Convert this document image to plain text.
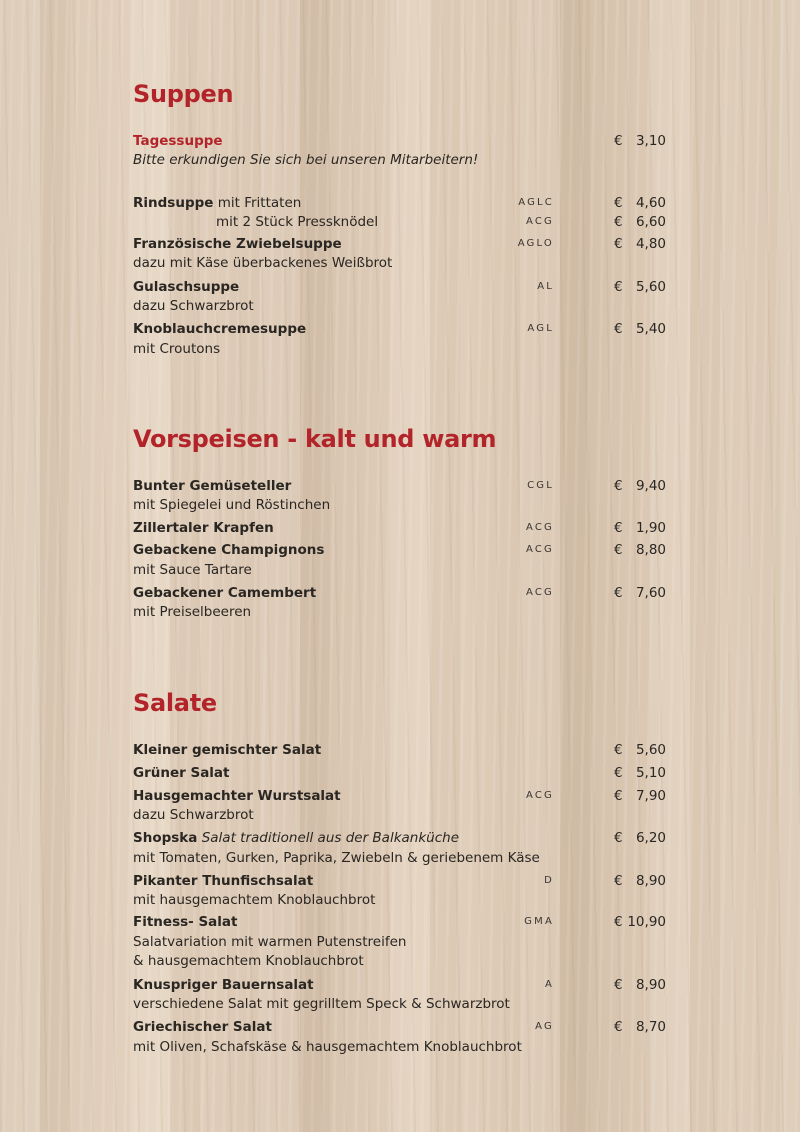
Suppen
Tagessuppe	€ 3,10
Bitte erkundigen Sie sich bei unseren Mitarbeitern!
Rindsuppe mit Frittaten	AGLC	€ 4,60
mit 2 Stück Pressknödel	ACG	€ 6,60
Französische Zwiebelsuppe	AGLO	€ 4,80
dazu mit Käse überbackenes Weißbrot
Gulaschsuppe	AL	€ 5,60
dazu Schwarzbrot
Knoblauchcremesuppe	AGL	€ 5,40
mit Croutons
Vorspeisen - kalt und warm
Bunter Gemüseteller	CGL	€ 9,40
mit Spiegelei und Röstinchen
Zillertaler Krapfen	ACG	€ 1,90
Gebackene Champignons	ACG	€ 8,80
mit Sauce Tartare
Gebackener Camembert	ACG	€ 7,60
mit Preiselbeeren
Salate
Kleiner gemischter Salat	€ 5,60
Grüner Salat	€ 5,10
Hausgemachter Wurstsalat	ACG	€ 7,90
dazu Schwarzbrot
Shopska Salat traditionell aus der Balkanküche	€ 6,20
mit Tomaten, Gurken, Paprika, Zwiebeln & geriebenem Käse
Pikanter Thunfischsalat	D	€ 8,90
mit hausgemachtem Knoblauchbrot
Fitness- Salat	GMA	€ 10,90
Salatvariation mit warmen Putenstreifen
& hausgemachtem Knoblauchbrot
Knuspriger Bauernsalat	A	€ 8,90
verschiedene Salat mit gegrilltem Speck & Schwarzbrot
Griechischer Salat	AG	€ 8,70
mit Oliven, Schafskäse & hausgemachtem Knoblauchbrot
